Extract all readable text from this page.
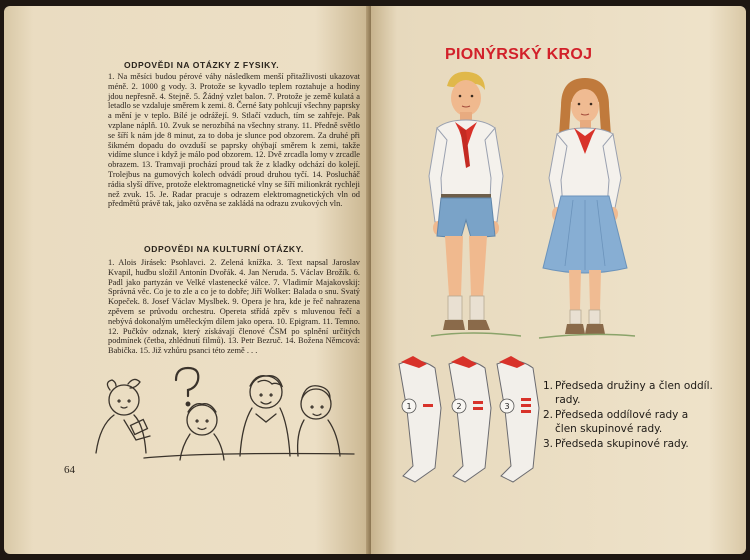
ODPOVĚDI NA OTÁZKY Z FYSIKY.
1. Na měsíci budou pérové váhy následkem menší přitažlivosti ukazovat méně. 2. 1000 g vody. 3. Protože se kyvadlo teplem roztahuje a hodiny jdou nepřesně. 4. Stejně. 5. Žádný vzlet balon. 7. Protože je země kulatá a letadlo se vzdaluje směrem k zemi. 8. Černé šaty pohlcují všechny paprsky a mění je v teplo. Bílé je odrážejí. 9. Stlačí vzduch, tím se zahřeje. Pak vzplane náplň. 10. Zvuk se nerozbíhá na všechny strany. 11. Předně světlo se šíří k nám jde 8 minut, za to doba je slunce pod obzorem. Za druhé při šikmém dopadu do ovzduší se paprsky ohýbají směrem k zemi, takže vidíme slunce i když je málo pod obzorem. 12. Dvě zrcadla lomy v zrcadle obrazem. 13. Tramvaji prochází proud tak že z kladky odchází do kolejí. Trolejbus na gumových kolech odvádí proud druhou tyčí. 14. Poslucháč rádia slyší dříve, protože elektromagnetické vlny se šíří milionkrát rychleji než zvuk. 15. Je. Radar pracuje s odrazem elektromagnetických vln od předmětů právě tak, jako ozvěna se zakládá na odrazu zvukových vln.
ODPOVĚDI NA KULTURNÍ OTÁZKY.
1. Alois Jirásek: Psohlavci. 2. Zelená knížka. 3. Text napsal Jaroslav Kvapil, hudbu složil Antonín Dvořák. 4. Jan Neruda. 5. Václav Brožík. 6. Padl jako partyzán ve Velké vlastenecké válce. 7. Vladimír Majakovskij: Správná věc. Co je to zle a co je to dobře; Jiří Wolker: Balada o snu. Svatý Kopeček. 8. Josef Václav Myslbek. 9. Opera je hra, kde je řeč nahrazena zpěvem se průvodu orchestru. Opereta střídá zpěv s mluvenou řečí a nebývá dokonalým uměleckým dílem jako opera. 10. Epigram. 11. Temno. 12. Pučkův odznak, který získávají členové ČSM po splnění určitých podmínek (četba, zhlédnutí filmů). 13. Petr Bezruč. 14. Božena Němcová: Babička. 15. Již vzhůru psanci této země . . .
64
PIONÝRSKÝ KROJ
1	2	3
1. Předseda družiny a člen oddíl. rady.
2. Předseda oddílové rady a člen skupinové rady.
3. Předseda skupinové rady.
